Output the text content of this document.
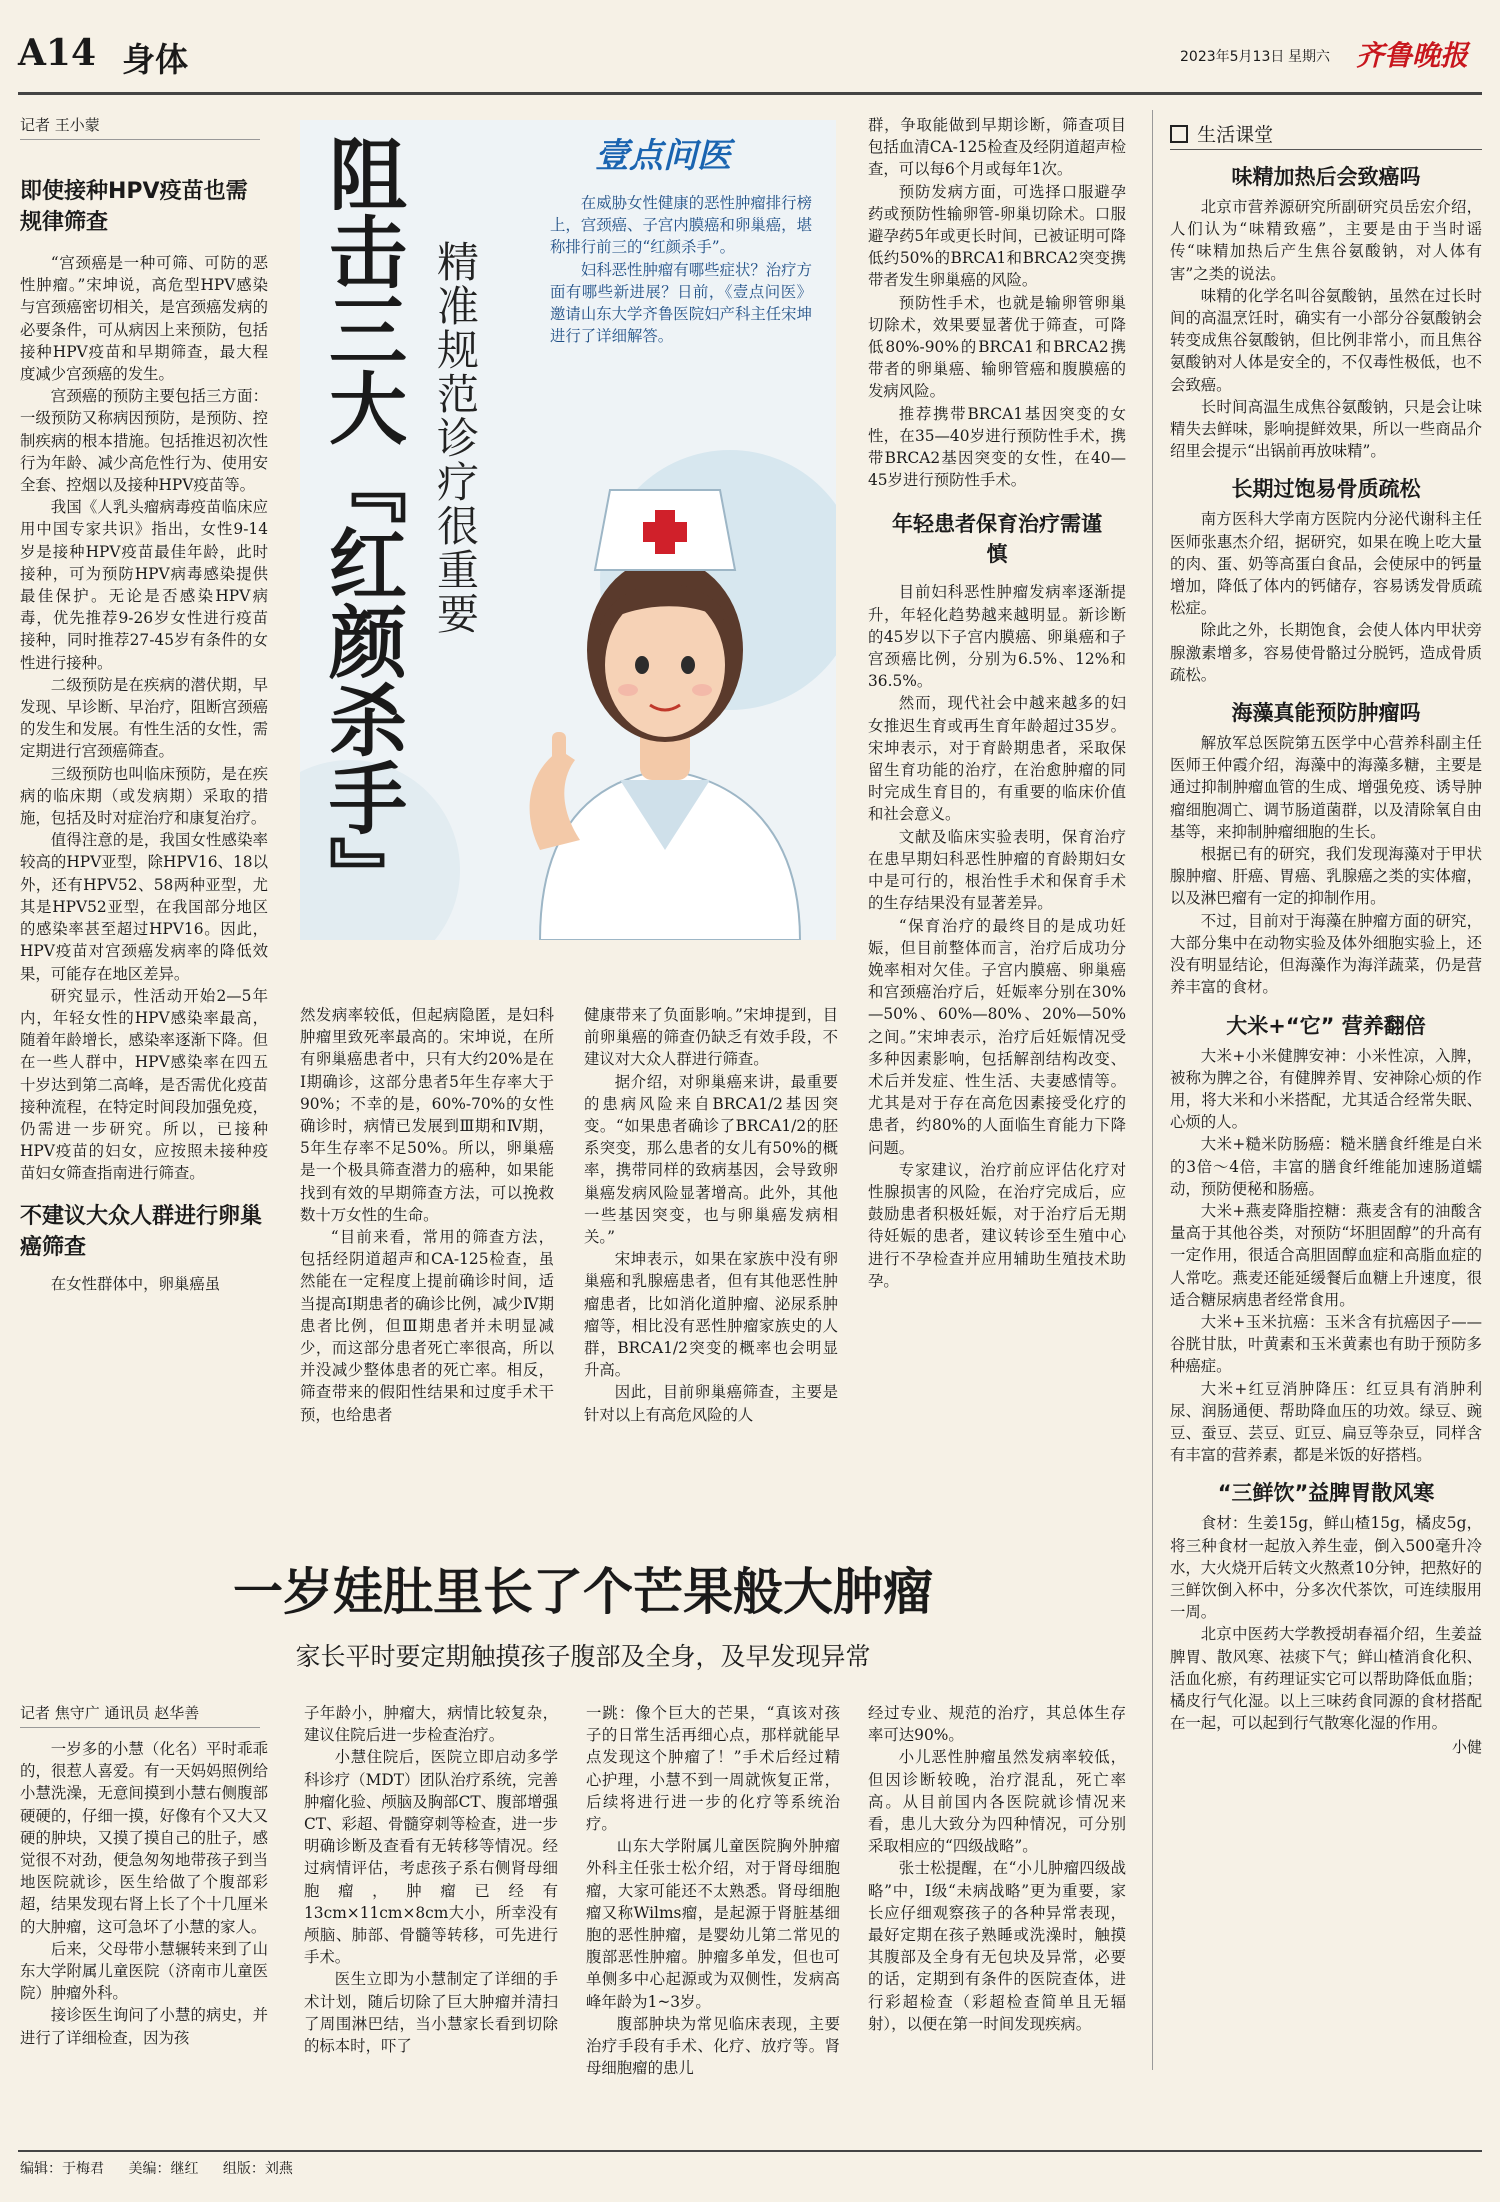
A14 身体	2023年5月13日 星期六 齐鲁晚报
记者 王小蒙
即使接种HPV疫苗也需规律筛查

“宫颈癌是一种可筛、可防的恶性肿瘤。”宋坤说，高危型HPV感染与宫颈癌密切相关，是宫颈癌发病的必要条件，可从病因上来预防，包括接种HPV疫苗和早期筛查，最大程度减少宫颈癌的发生。

宫颈癌的预防主要包括三方面：一级预防又称病因预防，是预防、控制疾病的根本措施。包括推迟初次性行为年龄、减少高危性行为、使用安全套、控烟以及接种HPV疫苗等。

我国《人乳头瘤病毒疫苗临床应用中国专家共识》指出，女性9-14岁是接种HPV疫苗最佳年龄，此时接种，可为预防HPV病毒感染提供最佳保护。无论是否感染HPV病毒，优先推荐9-26岁女性进行疫苗接种，同时推荐27-45岁有条件的女性进行接种。

二级预防是在疾病的潜伏期，早发现、早诊断、早治疗，阻断宫颈癌的发生和发展。有性生活的女性，需定期进行宫颈癌筛查。

三级预防也叫临床预防，是在疾病的临床期（或发病期）采取的措施，包括及时对症治疗和康复治疗。

值得注意的是，我国女性感染率较高的HPV亚型，除HPV16、18以外，还有HPV52、58两种亚型，尤其是HPV52亚型，在我国部分地区的感染率甚至超过HPV16。因此，HPV疫苗对宫颈癌发病率的降低效果，可能存在地区差异。

研究显示，性活动开始2—5年内，年轻女性的HPV感染率最高，随着年龄增长，感染率逐渐下降。但在一些人群中，HPV感染率在四五十岁达到第二高峰，是否需优化疫苗接种流程，在特定时间段加强免疫，仍需进一步研究。所以，已接种HPV疫苗的妇女，应按照未接种疫苗妇女筛查指南进行筛查。

不建议大众人群进行卵巢癌筛查

在女性群体中，卵巢癌虽

阻击三大『红颜杀手』 精准规范诊疗很重要
壹点问医

在威胁女性健康的恶性肿瘤排行榜上，宫颈癌、子宫内膜癌和卵巢癌，堪称排行前三的“红颜杀手”。

妇科恶性肿瘤有哪些症状？治疗方面有哪些新进展？日前，《壹点问医》邀请山东大学齐鲁医院妇产科主任宋坤进行了详细解答。

然发病率较低，但起病隐匿，是妇科肿瘤里致死率最高的。宋坤说，在所有卵巢癌患者中，只有大约20%是在I期确诊，这部分患者5年生存率大于90%；不幸的是，60%-70%的女性确诊时，病情已发展到Ⅲ期和Ⅳ期，5年生存率不足50%。所以，卵巢癌是一个极具筛查潜力的癌种，如果能找到有效的早期筛查方法，可以挽救数十万女性的生命。

“目前来看，常用的筛查方法，包括经阴道超声和CA-125检查，虽然能在一定程度上提前确诊时间，适当提高I期患者的确诊比例，减少Ⅳ期患者比例，但Ⅲ期患者并未明显减少，而这部分患者死亡率很高，所以并没减少整体患者的死亡率。相反，筛查带来的假阳性结果和过度手术干预，也给患者

健康带来了负面影响。”宋坤提到，目前卵巢癌的筛查仍缺乏有效手段，不建议对大众人群进行筛查。

据介绍，对卵巢癌来讲，最重要的患病风险来自BRCA1/2基因突变。“如果患者确诊了BRCA1/2的胚系突变，那么患者的女儿有50%的概率，携带同样的致病基因，会导致卵巢癌发病风险显著增高。此外，其他一些基因突变，也与卵巢癌发病相关。”

宋坤表示，如果在家族中没有卵巢癌和乳腺癌患者，但有其他恶性肿瘤患者，比如消化道肿瘤、泌尿系肿瘤等，相比没有恶性肿瘤家族史的人群，BRCA1/2突变的概率也会明显升高。

因此，目前卵巢癌筛查，主要是针对以上有高危风险的人

群，争取能做到早期诊断，筛查项目包括血清CA-125检查及经阴道超声检查，可以每6个月或每年1次。

预防发病方面，可选择口服避孕药或预防性输卵管-卵巢切除术。口服避孕药5年或更长时间，已被证明可降低约50%的BRCA1和BRCA2突变携带者发生卵巢癌的风险。

预防性手术，也就是输卵管卵巢切除术，效果要显著优于筛查，可降低80%-90%的BRCA1和BRCA2携带者的卵巢癌、输卵管癌和腹膜癌的发病风险。

推荐携带BRCA1基因突变的女性，在35—40岁进行预防性手术，携带BRCA2基因突变的女性，在40—45岁进行预防性手术。

年轻患者保育治疗需谨慎

目前妇科恶性肿瘤发病率逐渐提升，年轻化趋势越来越明显。新诊断的45岁以下子宫内膜癌、卵巢癌和子宫颈癌比例，分别为6.5%、12%和36.5%。

然而，现代社会中越来越多的妇女推迟生育或再生育年龄超过35岁。宋坤表示，对于育龄期患者，采取保留生育功能的治疗，在治愈肿瘤的同时完成生育目的，有重要的临床价值和社会意义。

文献及临床实验表明，保育治疗在患早期妇科恶性肿瘤的育龄期妇女中是可行的，根治性手术和保育手术的生存结果没有显著差异。

“保育治疗的最终目的是成功妊娠，但目前整体而言，治疗后成功分娩率相对欠佳。子宫内膜癌、卵巢癌和宫颈癌治疗后，妊娠率分别在30%—50%、60%—80%、20%—50%之间。”宋坤表示，治疗后妊娠情况受多种因素影响，包括解剖结构改变、术后并发症、性生活、夫妻感情等。尤其是对于存在高危因素接受化疗的患者，约80%的人面临生育能力下降问题。

专家建议，治疗前应评估化疗对性腺损害的风险，在治疗完成后，应鼓励患者积极妊娠，对于治疗后无期待妊娠的患者，建议转诊至生殖中心进行不孕检查并应用辅助生殖技术助孕。

生活课堂
味精加热后会致癌吗

北京市营养源研究所副研究员岳宏介绍，人们认为“味精致癌”，主要是由于当时谣传“味精加热后产生焦谷氨酸钠，对人体有害”之类的说法。

味精的化学名叫谷氨酸钠，虽然在过长时间的高温烹饪时，确实有一小部分谷氨酸钠会转变成焦谷氨酸钠，但比例非常小，而且焦谷氨酸钠对人体是安全的，不仅毒性极低，也不会致癌。

长时间高温生成焦谷氨酸钠，只是会让味精失去鲜味，影响提鲜效果，所以一些商品介绍里会提示“出锅前再放味精”。

长期过饱易骨质疏松

南方医科大学南方医院内分泌代谢科主任医师张惠杰介绍，据研究，如果在晚上吃大量的肉、蛋、奶等高蛋白食品，会使尿中的钙量增加，降低了体内的钙储存，容易诱发骨质疏松症。

除此之外，长期饱食，会使人体内甲状旁腺激素增多，容易使骨骼过分脱钙，造成骨质疏松。

海藻真能预防肿瘤吗

解放军总医院第五医学中心营养科副主任医师王仲霞介绍，海藻中的海藻多糖，主要是通过抑制肿瘤血管的生成、增强免疫、诱导肿瘤细胞凋亡、调节肠道菌群，以及清除氧自由基等，来抑制肿瘤细胞的生长。

根据已有的研究，我们发现海藻对于甲状腺肿瘤、肝癌、胃癌、乳腺癌之类的实体瘤，以及淋巴瘤有一定的抑制作用。

不过，目前对于海藻在肿瘤方面的研究，大部分集中在动物实验及体外细胞实验上，还没有明显结论，但海藻作为海洋蔬菜，仍是营养丰富的食材。

大米+“它” 营养翻倍

大米+小米健脾安神：小米性凉，入脾，被称为脾之谷，有健脾养胃、安神除心烦的作用，将大米和小米搭配，尤其适合经常失眠、心烦的人。

大米+糙米防肠癌：糙米膳食纤维是白米的3倍～4倍，丰富的膳食纤维能加速肠道蠕动，预防便秘和肠癌。

大米+燕麦降脂控糖：燕麦含有的油酸含量高于其他谷类，对预防“坏胆固醇”的升高有一定作用，很适合高胆固醇血症和高脂血症的人常吃。燕麦还能延缓餐后血糖上升速度，很适合糖尿病患者经常食用。

大米+玉米抗癌：玉米含有抗癌因子——谷胱甘肽，叶黄素和玉米黄素也有助于预防多种癌症。

大米+红豆消肿降压：红豆具有消肿利尿、润肠通便、帮助降血压的功效。绿豆、豌豆、蚕豆、芸豆、豇豆、扁豆等杂豆，同样含有丰富的营养素，都是米饭的好搭档。

“三鲜饮”益脾胃散风寒

食材：生姜15g，鲜山楂15g，橘皮5g，将三种食材一起放入养生壶，倒入500毫升冷水，大火烧开后转文火熬煮10分钟，把熬好的三鲜饮倒入杯中，分多次代茶饮，可连续服用一周。

北京中医药大学教授胡春福介绍，生姜益脾胃、散风寒、祛痰下气；鲜山楂消食化积、活血化瘀，有药理证实它可以帮助降低血脂；橘皮行气化湿。以上三味药食同源的食材搭配在一起，可以起到行气散寒化湿的作用。

小健
一岁娃肚里长了个芒果般大肿瘤
家长平时要定期触摸孩子腹部及全身，及早发现异常
记者 焦守广 通讯员 赵华善

一岁多的小慧（化名）平时乖乖的，很惹人喜爱。有一天妈妈照例给小慧洗澡，无意间摸到小慧右侧腹部硬硬的，仔细一摸，好像有个又大又硬的肿块，又摸了摸自己的肚子，感觉很不对劲，便急匆匆地带孩子到当地医院就诊，医生给做了个腹部彩超，结果发现右肾上长了个十几厘米的大肿瘤，这可急坏了小慧的家人。

后来，父母带小慧辗转来到了山东大学附属儿童医院（济南市儿童医院）肿瘤外科。

接诊医生询问了小慧的病史，并进行了详细检查，因为孩

子年龄小，肿瘤大，病情比较复杂，建议住院后进一步检查治疗。

小慧住院后，医院立即启动多学科诊疗（MDT）团队治疗系统，完善肿瘤化验、颅脑及胸部CT、腹部增强CT、彩超、骨髓穿刺等检查，进一步明确诊断及查看有无转移等情况。经过病情评估，考虑孩子系右侧肾母细胞瘤，肿瘤已经有13cm×11cm×8cm大小，所幸没有颅脑、肺部、骨髓等转移，可先进行手术。

医生立即为小慧制定了详细的手术计划，随后切除了巨大肿瘤并清扫了周围淋巴结，当小慧家长看到切除的标本时，吓了

一跳：像个巨大的芒果，“真该对孩子的日常生活再细心点，那样就能早点发现这个肿瘤了！”手术后经过精心护理，小慧不到一周就恢复正常，后续将进行进一步的化疗等系统治疗。

山东大学附属儿童医院胸外肿瘤外科主任张士松介绍，对于肾母细胞瘤，大家可能还不太熟悉。肾母细胞瘤又称Wilms瘤，是起源于肾脏基细胞的恶性肿瘤，是婴幼儿第二常见的腹部恶性肿瘤。肿瘤多单发，但也可单侧多中心起源或为双侧性，发病高峰年龄为1~3岁。

腹部肿块为常见临床表现，主要治疗手段有手术、化疗、放疗等。肾母细胞瘤的患儿

经过专业、规范的治疗，其总体生存率可达90%。

小儿恶性肿瘤虽然发病率较低，但因诊断较晚，治疗混乱，死亡率高。从目前国内各医院就诊情况来看，患儿大致分为四种情况，可分别采取相应的“四级战略”。

张士松提醒，在“小儿肿瘤四级战略”中，I级“未病战略”更为重要，家长应仔细观察孩子的各种异常表现，最好定期在孩子熟睡或洗澡时，触摸其腹部及全身有无包块及异常，必要的话，定期到有条件的医院查体，进行彩超检查（彩超检查简单且无辐射），以便在第一时间发现疾病。

编辑：于梅君 美编：继红 组版：刘燕
